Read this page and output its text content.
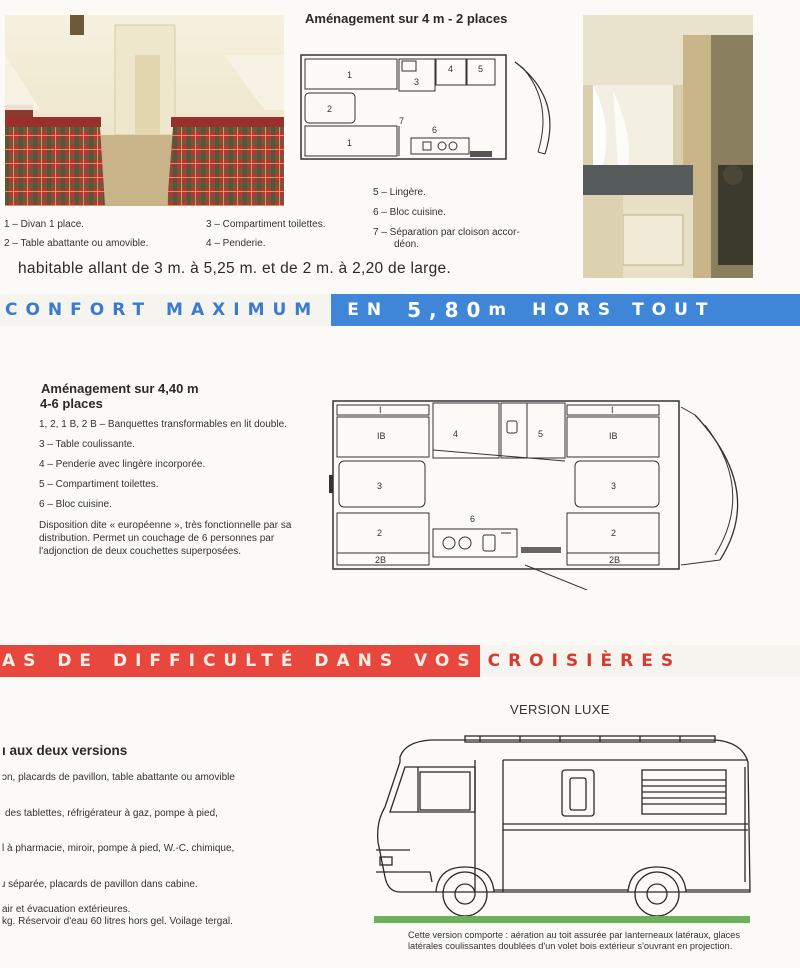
Aménagement sur 4 m - 2 places
1
2
1
3
4	5
6
7
1 – Divan 1 place.
2 – Table abattante ou amovible.
3 – Compartiment toilettes.
4 – Penderie.
5 – Lingère.
6 – Bloc cuisine.
7 – Séparation par cloison accor-
déon.
habitable allant de 3 m. à 5,25 m. et de 2 m. à 2,20 de large.
CONFORT MAXIMUM EN 5,80 m HORS TOUT
Aménagement sur 4,40 m
4-6 places
1, 2, 1 B, 2 B – Banquettes transformables en lit double.
3 – Table coulissante.
4 – Penderie avec lingère incorporée.
5 – Compartiment toilettes.
6 – Bloc cuisine.
Disposition dite « européenne », très fonctionnelle par sa distribution. Permet un couchage de 6 personnes par l'adjonction de deux couchettes superposées.
I
IB	4	5	IB
I
3	3
6
2	2
2B	2B
AS DE DIFFICULTÉ DANS VOS CROISIÈRES
ı aux deux versions
ɔn, placards de pavillon, table abattante ou amovible
des tablettes, réfrigérateur à gaz, pompe à pied,
l à pharmacie, miroir, pompe à pied, W.-C. chimique,
ɹ séparée, placards de pavillon dans cabine.
air et évacuation extérieures.
kg. Réservoir d'eau 60 litres hors gel. Voilage tergal.
VERSION LUXE
Cette version comporte : aération au toit assurée par lanterneaux latéraux, glaces latérales coulissantes doublées d'un volet bois extérieur s'ouvrant en projection.
